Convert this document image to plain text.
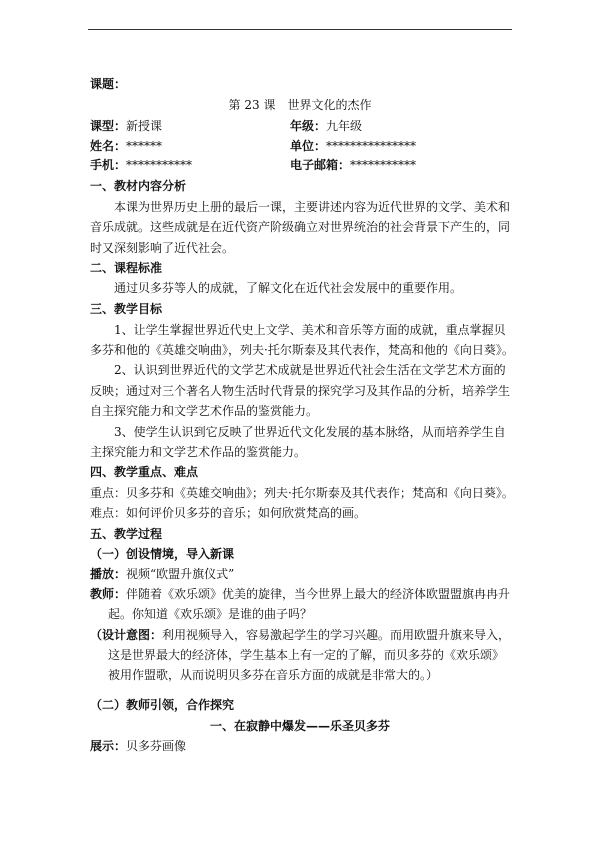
课题：
第 23 课　世界文化的杰作
课型：新授课	年级：九年级
姓名：******	单位：***************
手机：***********	电子邮箱：***********
一、教材内容分析
本课为世界历史上册的最后一课，主要讲述内容为近代世界的文学、美术和
音乐成就。这些成就是在近代资产阶级确立对世界统治的社会背景下产生的，同
时又深刻影响了近代社会。
二、课程标准
通过贝多芬等人的成就，了解文化在近代社会发展中的重要作用。
三、教学目标
1、让学生掌握世界近代史上文学、美术和音乐等方面的成就，重点掌握贝
多芬和他的《英雄交响曲》，列夫·托尔斯泰及其代表作，梵高和他的《向日葵》。
2、认识到世界近代的文学艺术成就是世界近代社会生活在文学艺术方面的
反映；通过对三个著名人物生活时代背景的探究学习及其作品的分析，培养学生
自主探究能力和文学艺术作品的鉴赏能力。
3、使学生认识到它反映了世界近代文化发展的基本脉络，从而培养学生自
主探究能力和文学艺术作品的鉴赏能力。
四、教学重点、难点
重点：贝多芬和《英雄交响曲》；列夫·托尔斯泰及其代表作；梵高和《向日葵》。
难点：如何评价贝多芬的音乐；如何欣赏梵高的画。
五、教学过程
（一）创设情境，导入新课
播放：视频“欧盟升旗仪式”
教师：伴随着《欢乐颂》优美的旋律，当今世界上最大的经济体欧盟盟旗冉冉升
起。你知道《欢乐颂》是谁的曲子吗？
（设计意图：利用视频导入，容易激起学生的学习兴趣。而用欧盟升旗来导入，
这是世界最大的经济体，学生基本上有一定的了解，而贝多芬的《欢乐颂》
被用作盟歌，从而说明贝多芬在音乐方面的成就是非常大的。）
（二）教师引领，合作探究
一、在寂静中爆发——乐圣贝多芬
展示：贝多芬画像
